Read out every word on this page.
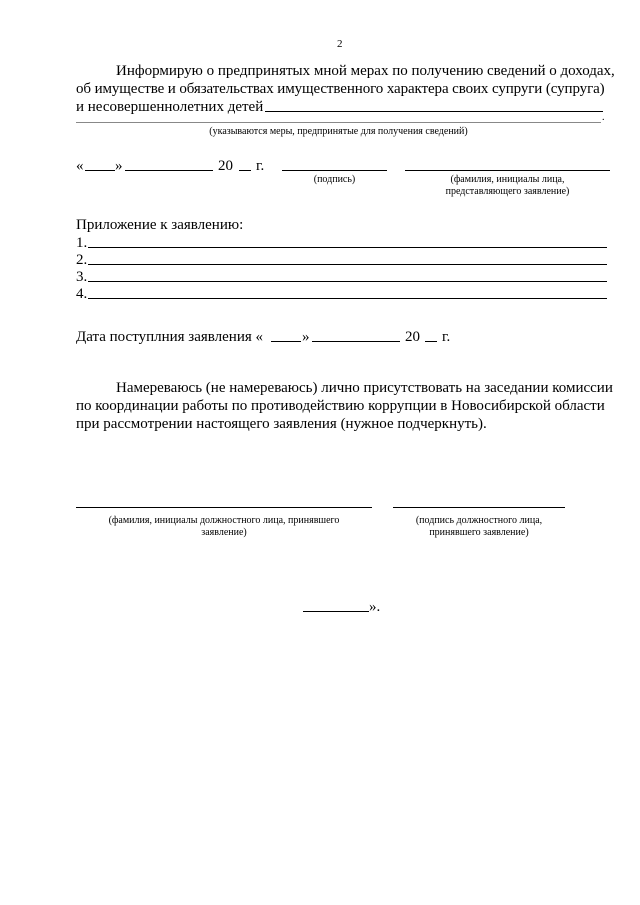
2
Информирую о предпринятых мной мерах по получению сведений о доходах,
об имуществе и обязательствах имущественного характера своих супруги (супруга)
и несовершеннолетних детей
.
(указываются меры, предпринятые для получения сведений)
« »	20 г.
(подпись)	(фамилия, инициалы лица,
представляющего заявление)
Приложение к заявлению:
1.
2.
3.
4.
Дата поступлния заявления «	»	20 г.
Намереваюсь (не намереваюсь) лично присутствовать на заседании комиссии
по координации работы по противодействию коррупции в Новосибирской области
при рассмотрении настоящего заявления (нужное подчеркнуть).
(фамилия, инициалы должностного лица, принявшего
заявление)
(подпись должностного лица,
принявшего заявление)
».
